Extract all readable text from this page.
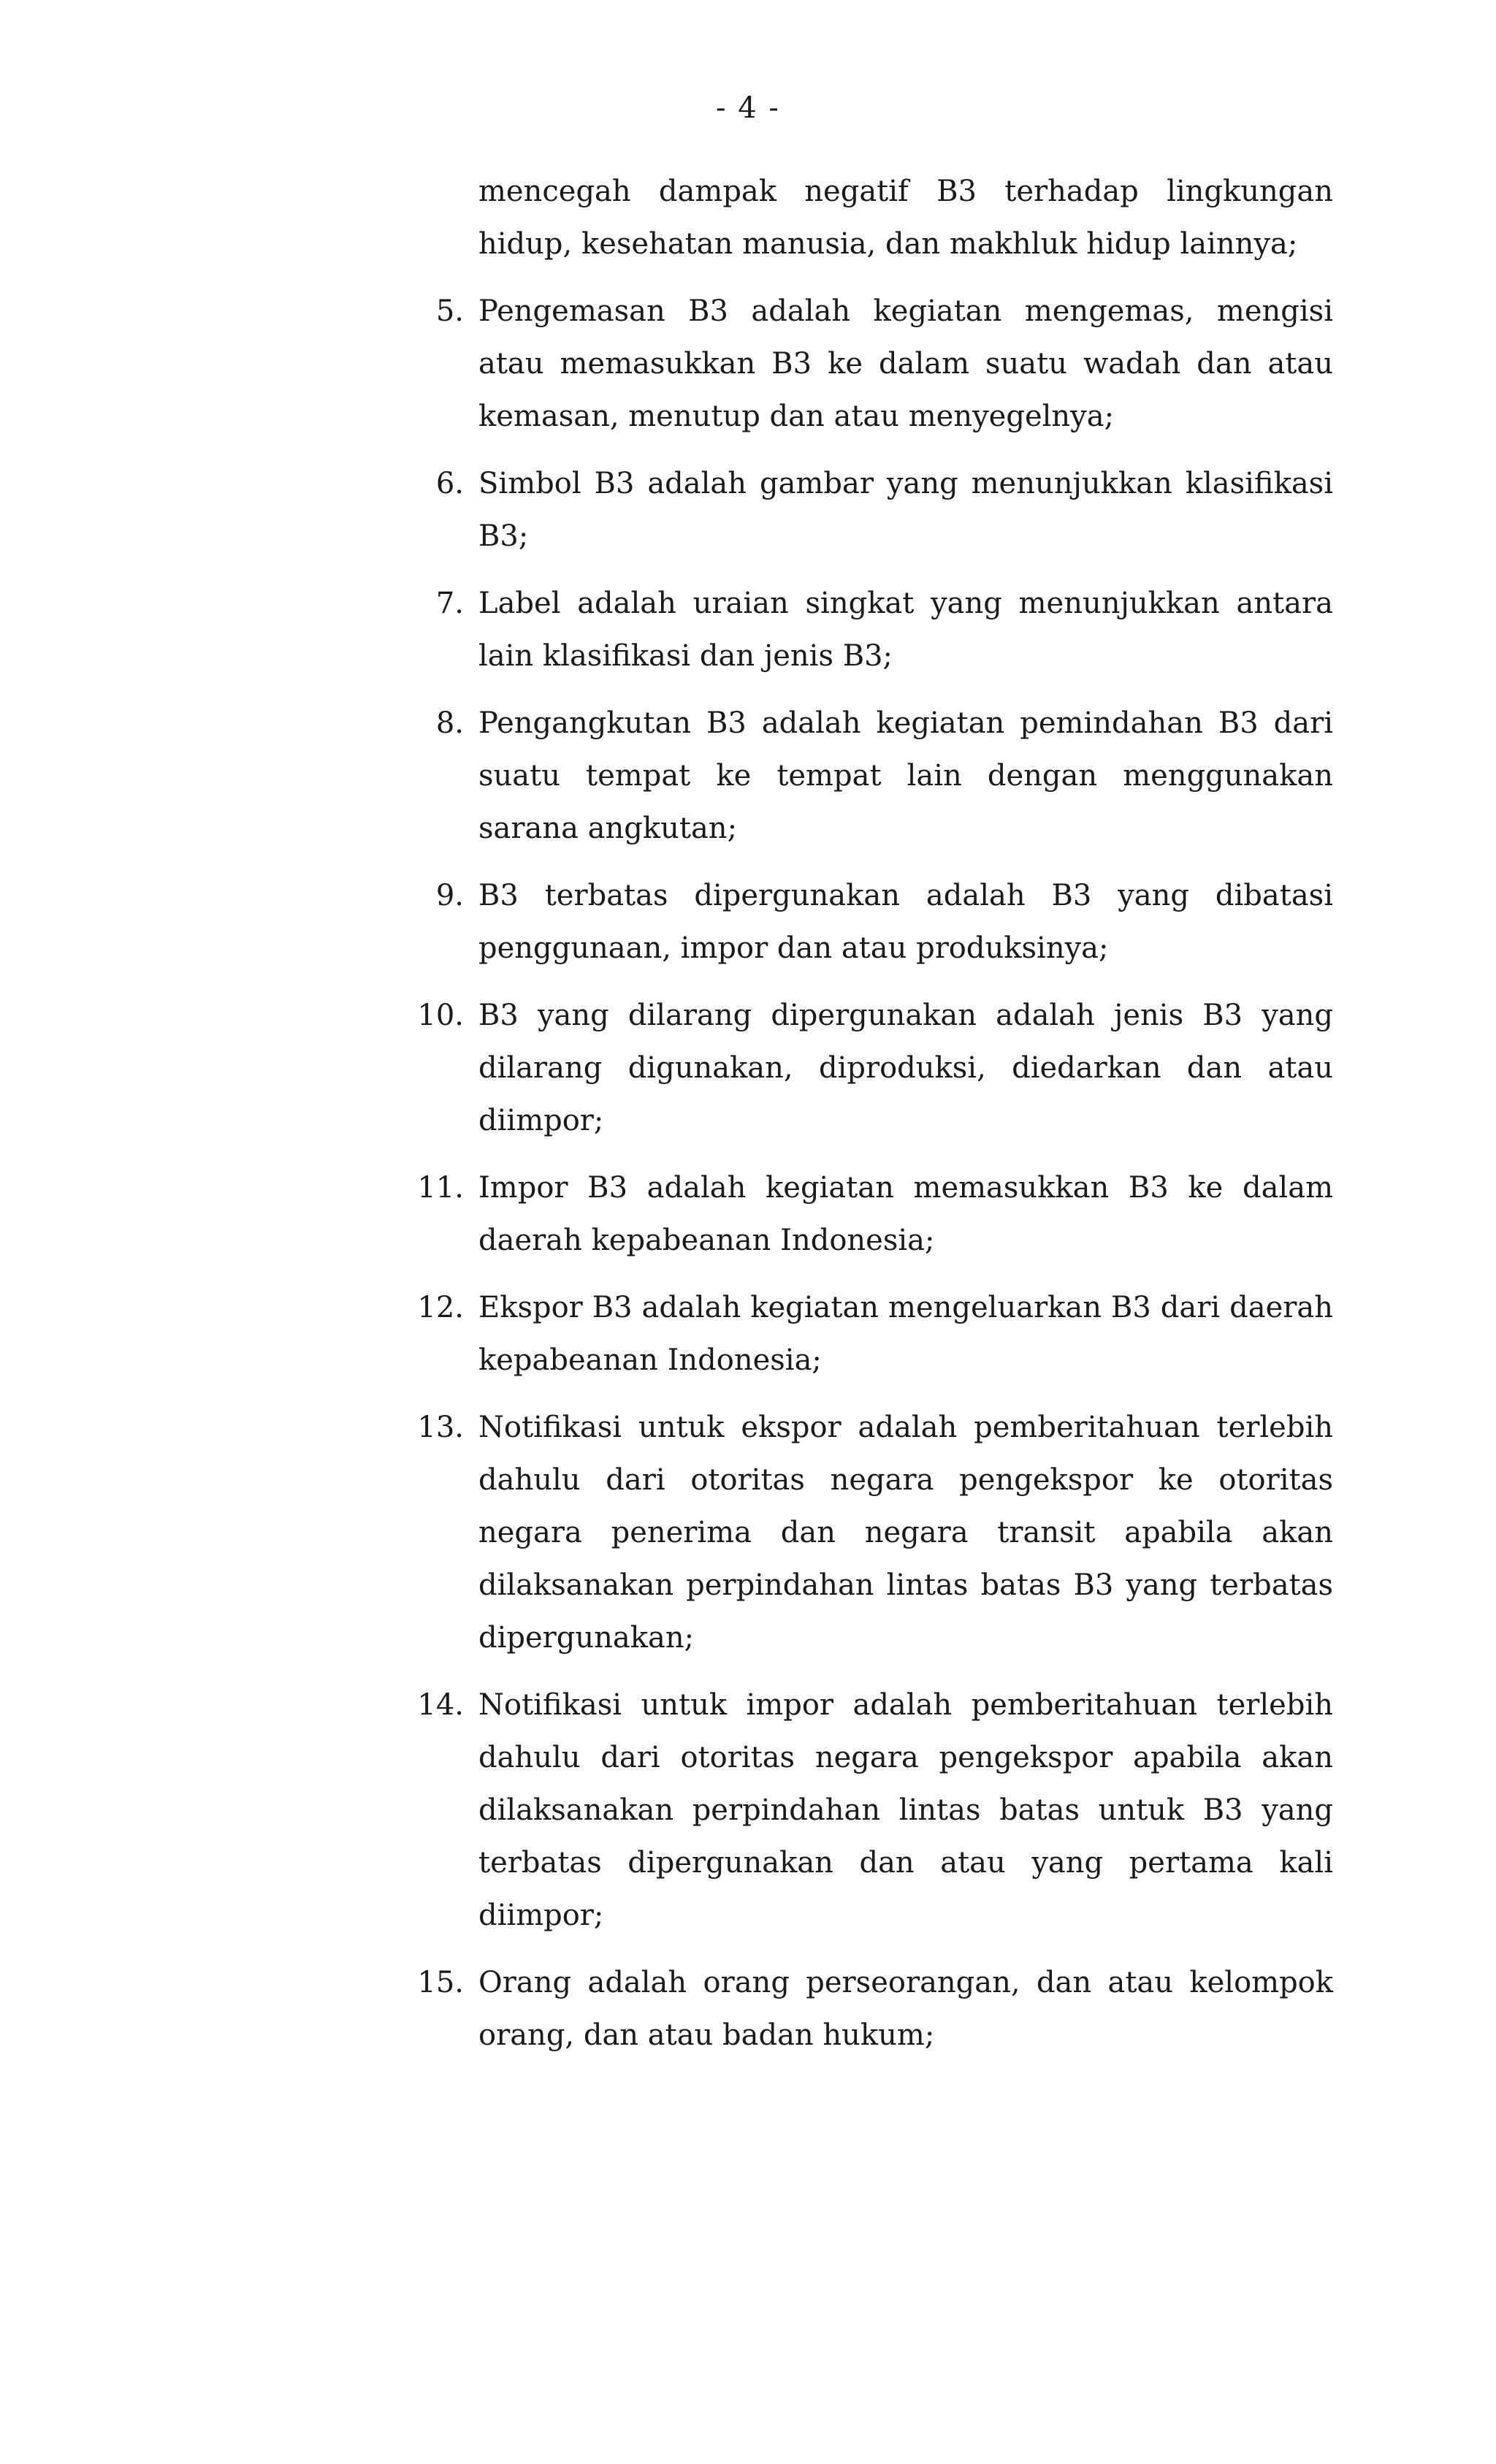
- 4 -

mencegah dampak negatif B3 terhadap lingkungan hidup, kesehatan manusia, dan makhluk hidup lainnya;

5. Pengemasan B3 adalah kegiatan mengemas, mengisi atau memasukkan B3 ke dalam suatu wadah dan atau kemasan, menutup dan atau menyegelnya;
6. Simbol B3 adalah gambar yang menunjukkan klasifikasi B3;
7. Label adalah uraian singkat yang menunjukkan antara lain klasifikasi dan jenis B3;
8. Pengangkutan B3 adalah kegiatan pemindahan B3 dari suatu tempat ke tempat lain dengan menggunakan sarana angkutan;
9. B3 terbatas dipergunakan adalah B3 yang dibatasi penggunaan, impor dan atau produksinya;
10. B3 yang dilarang dipergunakan adalah jenis B3 yang dilarang digunakan, diproduksi, diedarkan dan atau diimpor;
11. Impor B3 adalah kegiatan memasukkan B3 ke dalam daerah kepabeanan Indonesia;
12. Ekspor B3 adalah kegiatan mengeluarkan B3 dari daerah kepabeanan Indonesia;
13. Notifikasi untuk ekspor adalah pemberitahuan terlebih dahulu dari otoritas negara pengekspor ke otoritas negara penerima dan negara transit apabila akan dilaksanakan perpindahan lintas batas B3 yang terbatas dipergunakan;
14. Notifikasi untuk impor adalah pemberitahuan terlebih dahulu dari otoritas negara pengekspor apabila akan dilaksanakan perpindahan lintas batas untuk B3 yang terbatas dipergunakan dan atau yang pertama kali diimpor;
15. Orang adalah orang perseorangan, dan atau kelompok orang, dan atau badan hukum;
